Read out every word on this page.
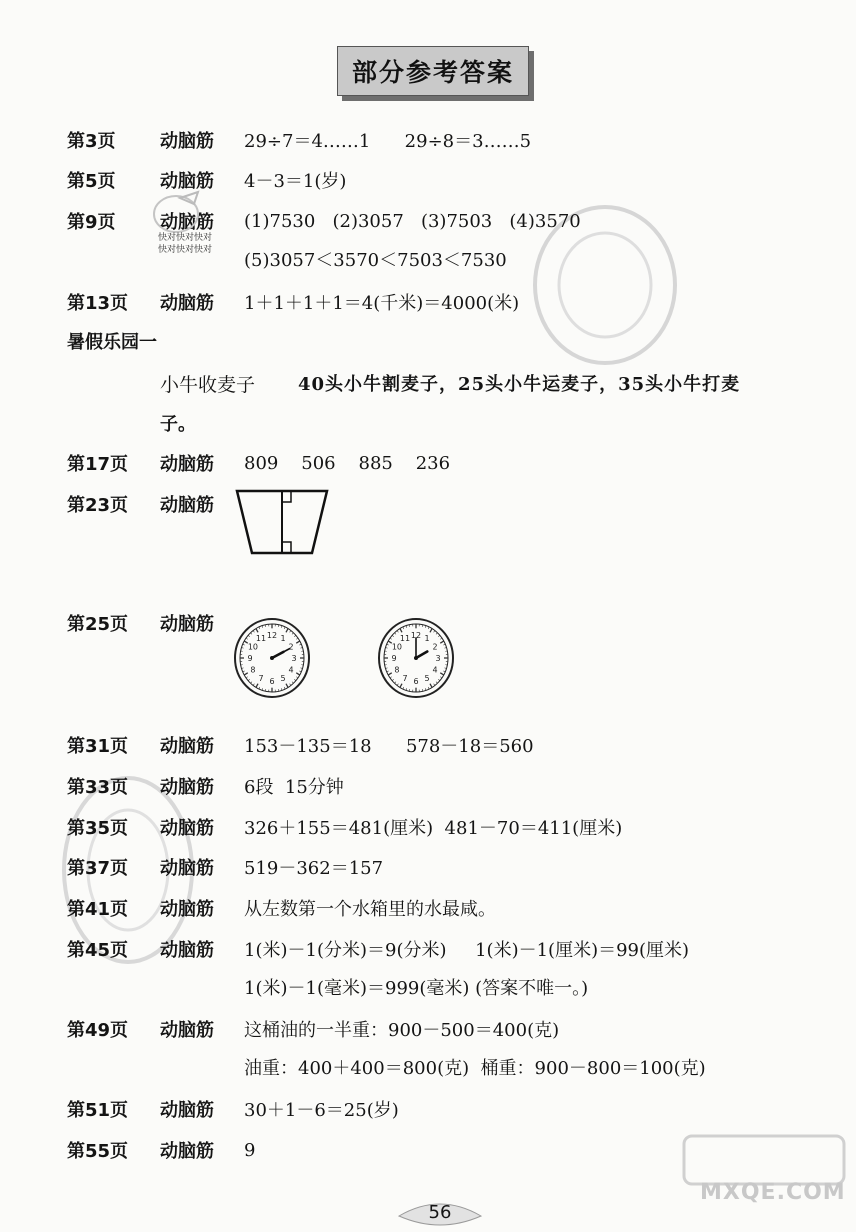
部分参考答案
MXQE.COM
第3页	动脑筋	29÷7＝4……1      29÷8＝3……5
第5页	动脑筋	4－3＝1(岁)
第9页	动脑筋	(1)7530   (2)3057   (3)7503   (4)3570
快对快对快对
快对快对快对 (5)3057＜3570＜7503＜7530
第13页	动脑筋	1＋1＋1＋1＝4(千米)＝4000(米)
暑假乐园一
小牛收麦子 40头小牛割麦子，25头小牛运麦子，35头小牛打麦
子。
第17页	动脑筋	809    506    885    236
第23页	动脑筋
第25页	动脑筋
12 1
2
3
4
5
6
7
8
9
10
11	12 1
2
3
4
5
6
7
8
9
10
11
第31页	动脑筋	153－135＝18      578－18＝560
第33页	动脑筋	6段  15分钟
第35页	动脑筋	326＋155＝481(厘米)  481－70＝411(厘米)
第37页	动脑筋	519－362＝157
第41页	动脑筋	从左数第一个水箱里的水最咸。
第45页	动脑筋	1(米)－1(分米)＝9(分米)     1(米)－1(厘米)＝99(厘米)
1(米)－1(毫米)＝999(毫米) (答案不唯一。)
第49页	动脑筋	这桶油的一半重：900－500＝400(克)
油重：400＋400＝800(克)  桶重：900－800＝100(克)
第51页	动脑筋	30＋1－6＝25(岁)
第55页	动脑筋	9
56
